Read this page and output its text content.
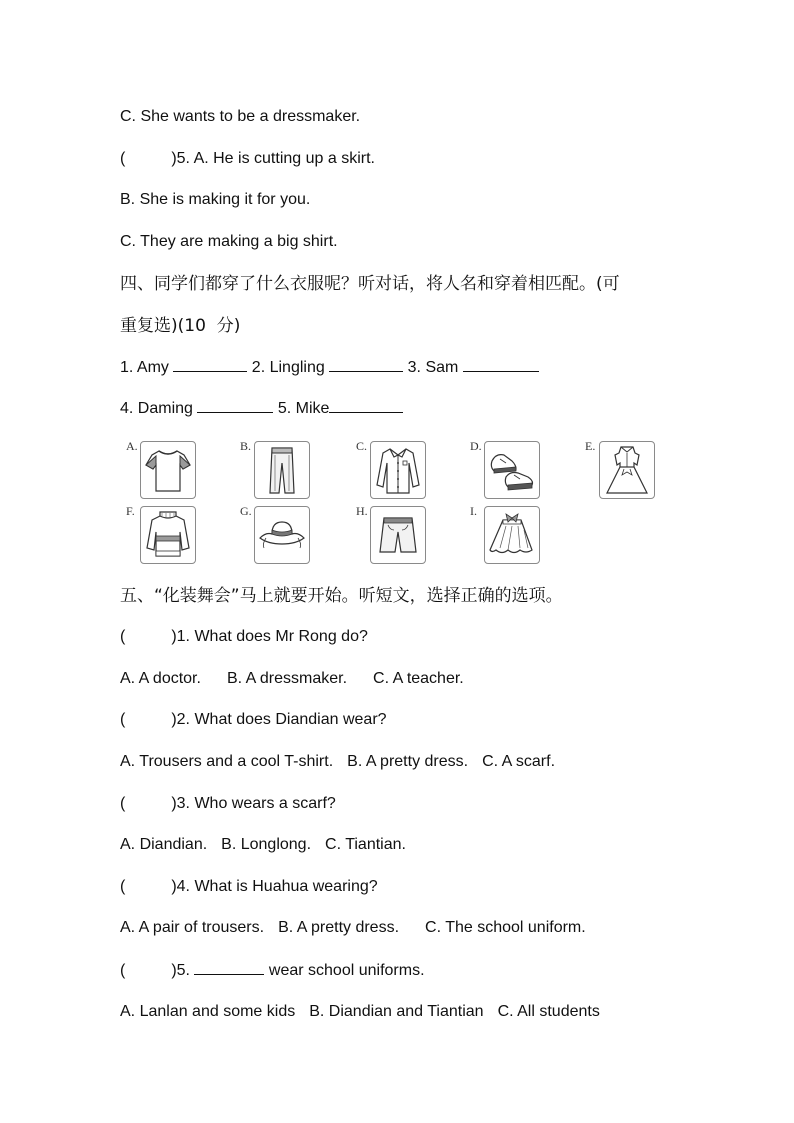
C. She wants to be a dressmaker.
(	)5. A. He is cutting up a skirt.
B. She is making it for you.
C. They are making a big shirt.
四、同学们都穿了什么衣服呢？听对话，将人名和穿着相匹配。(可
重复选)(10  分)
1. Amy	2. Lingling	3. Sam
4. Daming	5. Mike
A.	B.	C.	D.	E.
F.	G.	H.	I.
五、“化装舞会”马上就要开始。听短文，选择正确的选项。
(	)1. What does Mr Rong do?
A. A doctor. B. A dressmaker. C. A teacher.
(	)2. What does Diandian wear?
A. Trousers and a cool T-shirt. B. A pretty dress. C. A scarf.
(	)3. Who wears a scarf?
A. Diandian. B. Longlong. C. Tiantian.
(	)4. What is Huahua wearing?
A. A pair of trousers. B. A pretty dress. C. The school uniform.
(	)5.	wear school uniforms.
A. Lanlan and some kids B. Diandian and Tiantian C. All students
